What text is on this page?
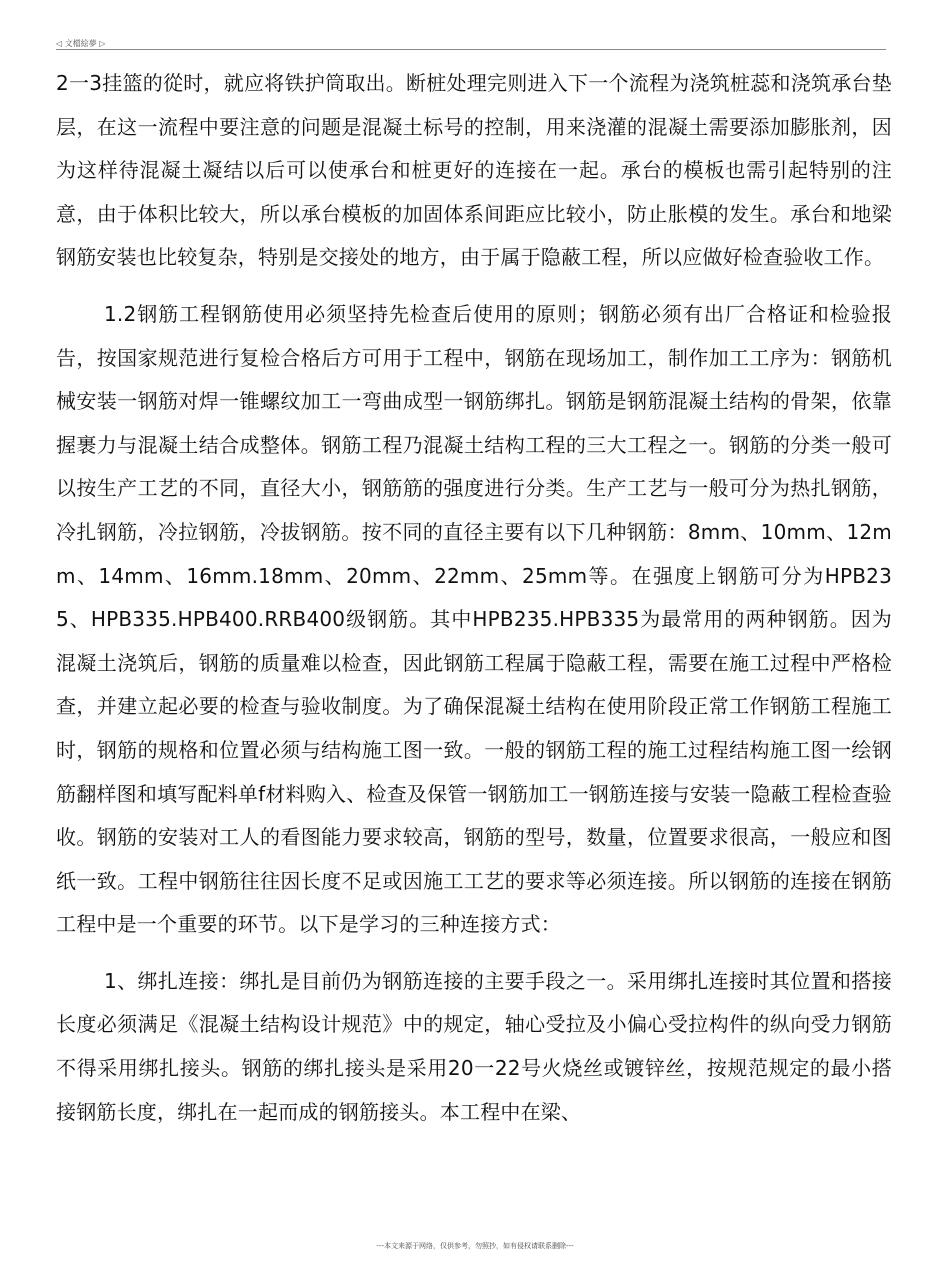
◁ 文檔絵夢 ▷

2一3挂篮的從时，就应将铁护筒取出。断桩处理完则进入下一个流程为浇筑桩蕊和浇筑承台垫层，在这一流程中要注意的问题是混凝土标号的控制，用来浇灌的混凝土需要添加膨胀剂，因为这样待混凝土凝结以后可以使承台和桩更好的连接在一起。承台的模板也需引起特别的注意，由于体积比较大，所以承台模板的加固体系间距应比较小，防止胀模的发生。承台和地梁钢筋安装也比较复杂，特别是交接处的地方，由于属于隐蔽工程，所以应做好检查验收工作。

1.2钢筋工程钢筋使用必须坚持先检查后使用的原则；钢筋必须有出厂合格证和检验报告，按国家规范进行复检合格后方可用于工程中，钢筋在现场加工，制作加工工序为：钢筋机械安装一钢筋对焊一锥螺纹加工一弯曲成型一钢筋绑扎。钢筋是钢筋混凝土结构的骨架，依靠握裹力与混凝土结合成整体。钢筋工程乃混凝土结构工程的三大工程之一。钢筋的分类一般可以按生产工艺的不同，直径大小，钢筋筋的强度进行分类。生产工艺与一般可分为热扎钢筋，冷扎钢筋，冷拉钢筋，冷拔钢筋。按不同的直径主要有以下几种钢筋：8mm、10mm、12mm、14mm、16mm.18mm、20mm、22mm、25mm等。在强度上钢筋可分为HPB235、HPB335.HPB400.RRB400级钢筋。其中HPB235.HPB335为最常用的两种钢筋。因为混凝土浇筑后，钢筋的质量难以检查，因此钢筋工程属于隐蔽工程，需要在施工过程中严格检查，并建立起必要的检查与验收制度。为了确保混凝土结构在使用阶段正常工作钢筋工程施工时，钢筋的规格和位置必须与结构施工图一致。一般的钢筋工程的施工过程结构施工图一绘钢筋翻样图和填写配料单f材料购入、检查及保管一钢筋加工一钢筋连接与安装一隐蔽工程检查验收。钢筋的安装对工人的看图能力要求较高，钢筋的型号，数量，位置要求很高，一般应和图纸一致。工程中钢筋往往因长度不足或因施工工艺的要求等必须连接。所以钢筋的连接在钢筋工程中是一个重要的环节。以下是学习的三种连接方式：

1、绑扎连接：绑扎是目前仍为钢筋连接的主要手段之一。采用绑扎连接时其位置和搭接长度必须满足《混凝土结构设计规范》中的规定，轴心受拉及小偏心受拉构件的纵向受力钢筋不得采用绑扎接头。钢筋的绑扎接头是采用20一22号火烧丝或镀锌丝，按规范规定的最小搭接钢筋长度，绑扎在一起而成的钢筋接头。本工程中在梁、

---本文来源于网络，仅供参考，勿照抄，如有侵权请联系删除---
